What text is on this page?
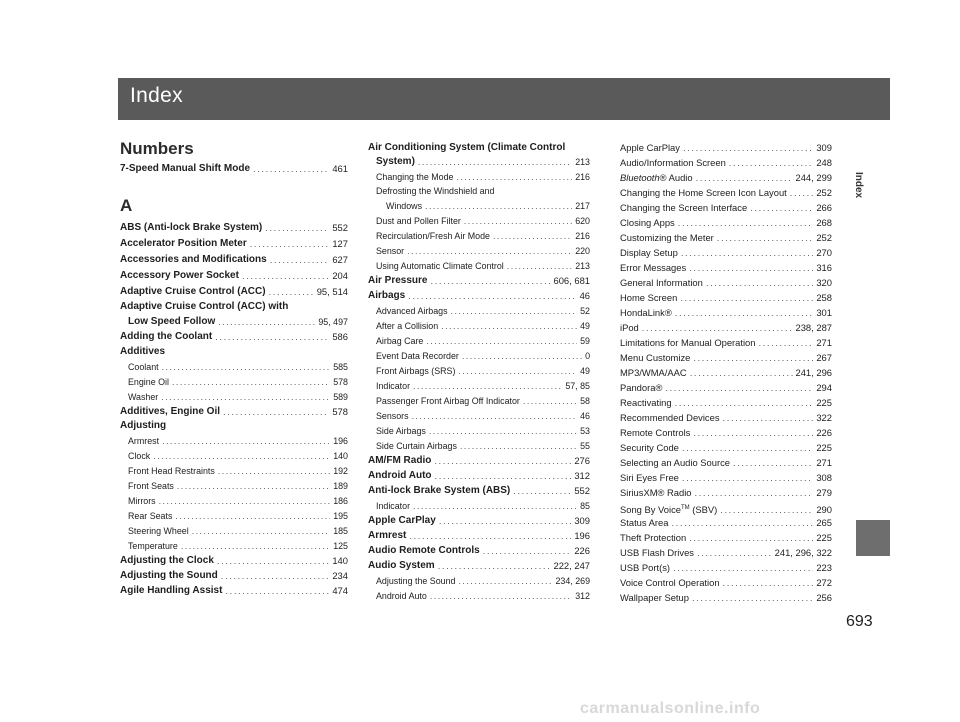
Index
Index
693
carmanualsonline.info
Numbers
7-Speed Manual Shift Mode . . .	461
A
ABS (Anti-lock Brake System) . . .	552
Accelerator Position Meter . . .	127
Accessories and Modifications . . .	627
Accessory Power Socket . . .	204
Adaptive Cruise Control (ACC) . . .	95, 514
Adaptive Cruise Control (ACC) with
Low Speed Follow . . .	95, 497
Adding the Coolant . . .	586
Additives
Coolant . . .	585
Engine Oil . . .	578
Washer . . .	589
Additives, Engine Oil . . .	578
Adjusting
Armrest . . .	196
Clock . . .	140
Front Head Restraints . . .	192
Front Seats . . .	189
Mirrors . . .	186
Rear Seats . . .	195
Steering Wheel . . .	185
Temperature . . .	125
Adjusting the Clock . . .	140
Adjusting the Sound . . .	234
Agile Handling Assist . . .	474
Air Conditioning System (Climate Control
System) . . .	213
Changing the Mode . . .	216
Defrosting the Windshield and
Windows . . .	217
Dust and Pollen Filter . . .	620
Recirculation/Fresh Air Mode . . .	216
Sensor . . .	220
Using Automatic Climate Control . . .	213
Air Pressure . . .	606, 681
Airbags . . .	46
Advanced Airbags . . .	52
After a Collision . . .	49
Airbag Care . . .	59
Event Data Recorder . . .	0
Front Airbags (SRS) . . .	49
Indicator . . .	57, 85
Passenger Front Airbag Off Indicator . . .	58
Sensors . . .	46
Side Airbags . . .	53
Side Curtain Airbags . . .	55
AM/FM Radio . . .	276
Android Auto . . .	312
Anti-lock Brake System (ABS) . . .	552
Indicator . . .	85
Apple CarPlay . . .	309
Armrest . . .	196
Audio Remote Controls . . .	226
Audio System . . .	222, 247
Adjusting the Sound . . .	234, 269
Android Auto . . .	312
Apple CarPlay . . .	309
Audio/Information Screen . . .	248
Bluetooth® Audio . . .	244, 299
Changing the Home Screen Icon Layout . . .	252
Changing the Screen Interface . . .	266
Closing Apps . . .	268
Customizing the Meter . . .	252
Display Setup . . .	270
Error Messages . . .	316
General Information . . .	320
Home Screen . . .	258
HondaLink® . . .	301
iPod . . .	238, 287
Limitations for Manual Operation . . .	271
Menu Customize . . .	267
MP3/WMA/AAC . . .	241, 296
Pandora® . . .	294
Reactivating . . .	225
Recommended Devices . . .	322
Remote Controls . . .	226
Security Code . . .	225
Selecting an Audio Source . . .	271
Siri Eyes Free . . .	308
SiriusXM® Radio . . .	279
Song By Voice™ (SBV) . . .	290
Status Area . . .	265
Theft Protection . . .	225
USB Flash Drives . . .	241, 296, 322
USB Port(s) . . .	223
Voice Control Operation . . .	272
Wallpaper Setup . . .	256
